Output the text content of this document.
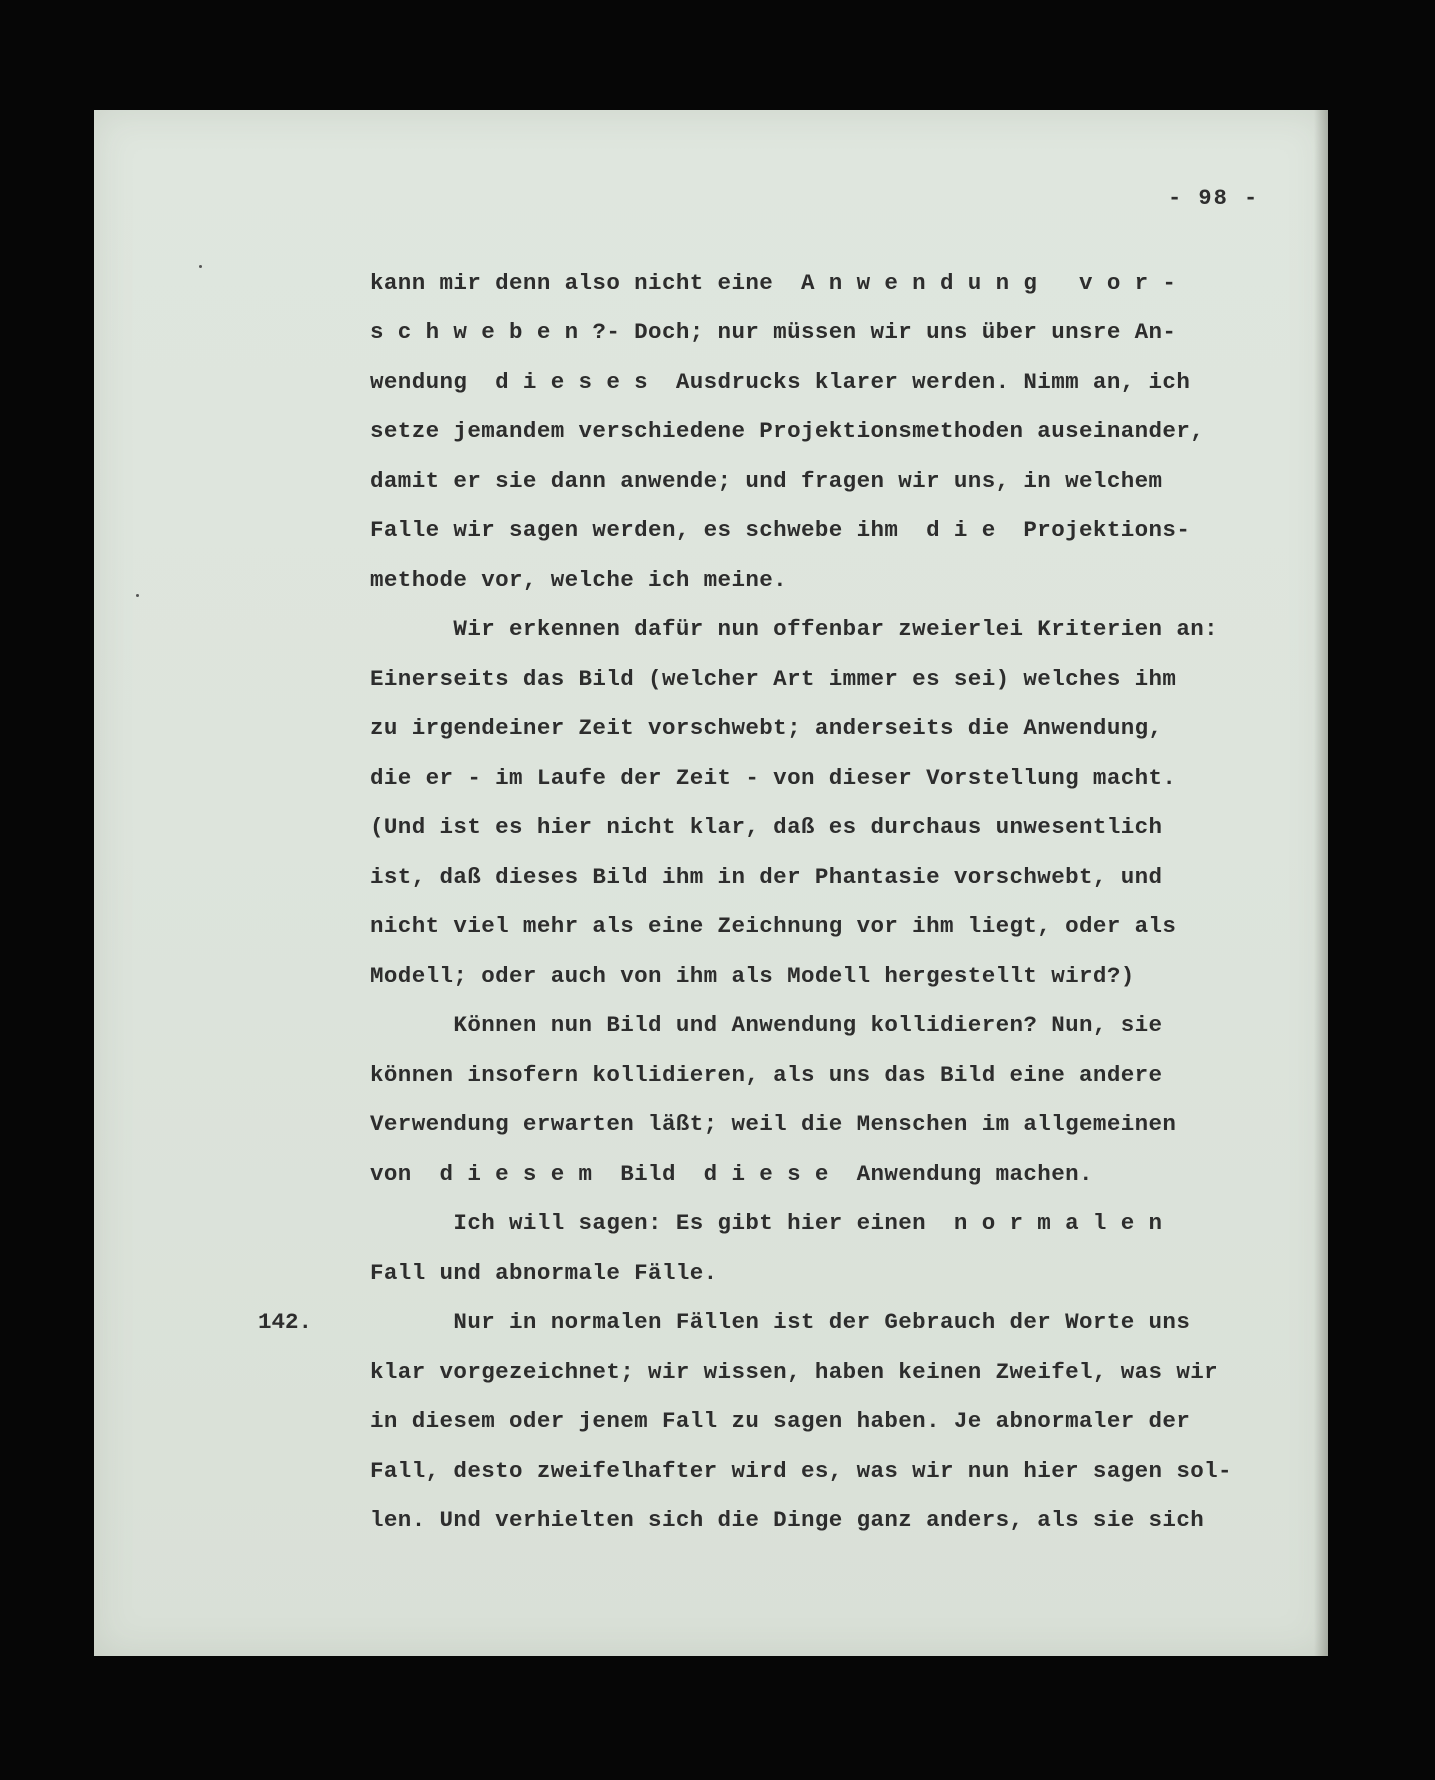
- 98 -
kann mir denn also nicht eine  A n w e n d u n g   v o r -
s c h w e b e n ?- Doch; nur müssen wir uns über unsre An-
wendung  d i e s e s  Ausdrucks klarer werden. Nimm an, ich
setze jemandem verschiedene Projektionsmethoden auseinander,
damit er sie dann anwende; und fragen wir uns, in welchem
Falle wir sagen werden, es schwebe ihm  d i e  Projektions-
methode vor, welche ich meine.
Wir erkennen dafür nun offenbar zweierlei Kriterien an:
Einerseits das Bild (welcher Art immer es sei) welches ihm
zu irgendeiner Zeit vorschwebt; anderseits die Anwendung,
die er - im Laufe der Zeit - von dieser Vorstellung macht.
(Und ist es hier nicht klar, daß es durchaus unwesentlich
ist, daß dieses Bild ihm in der Phantasie vorschwebt, und
nicht viel mehr als eine Zeichnung vor ihm liegt, oder als
Modell; oder auch von ihm als Modell hergestellt wird?)
Können nun Bild und Anwendung kollidieren? Nun, sie
können insofern kollidieren, als uns das Bild eine andere
Verwendung erwarten läßt; weil die Menschen im allgemeinen
von  d i e s e m  Bild  d i e s e  Anwendung machen.
Ich will sagen: Es gibt hier einen  n o r m a l e n
Fall und abnormale Fälle.
142.	Nur in normalen Fällen ist der Gebrauch der Worte uns
klar vorgezeichnet; wir wissen, haben keinen Zweifel, was wir
in diesem oder jenem Fall zu sagen haben. Je abnormaler der
Fall, desto zweifelhafter wird es, was wir nun hier sagen sol-
len. Und verhielten sich die Dinge ganz anders, als sie sich
